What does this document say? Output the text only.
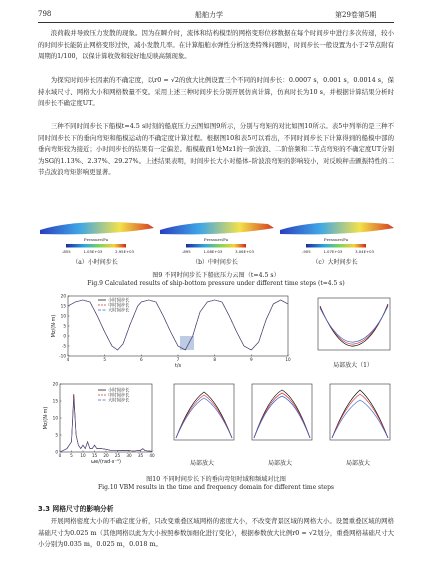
798	船舶力学	第29卷第5期
浪荷载并导致压力发散的现象。因为在瞬介时，流体和结构模型的网格变形位移数据在每个时间步中进行多次传递，较小的时间步长能防止网格变形过快，减小发散几率。在计算船舶水弹性分析这类特殊问题时，时间步长一般设置为小于2节点附有周期的1/100，以保计算收敛和较好地反映高频现象。
为探究时间步长因素的不确定度，以r0 = √2的放大比例设置三个不同的时间步长：0.0007 s，0.001 s，0.0014 s，保持水域尺寸、网格大小和网格数量不变。采用上述三种时间步长分别开展仿真计算，仿真时长为10 s，并根据计算结果分析时间步长不确定度UT。
三种不同时间步长下船模t=4.5 s时刻的船底压力云图如图9所示，分别与弯矩的对比如图10所示。表5中列举的是三种不同时间步长下的垂向弯矩和船模运动的不确定度计算过程。根据图10和表5可以看出，不同时间步长下计算得到的船模中部的垂向弯矩较为接近；小时间步长的结果有一定偏差。船模截面1处Mz1的一阶波浪、二阶倍频和二节点弯矩的不确定度UT分别为SG的1.13%、2.37%、29.27%。上述结果表明，时间步长大小对船体–阶波浪弯矩的影响较小，对反映秤击颤振特性的二节点波浪弯矩影响更显著。
Pressure/Pa	Pressure/Pa	Pressure/Pa
-855	1.05E+03	2.95E+03	-895	1.08E+03	3.06E+03	-905	1.07E+03	3.04E+03
（a）小时间步长	（b）中时间步长	（c）大时间步长
图9 不同时间步长下船底压力云图（t=4.5 s）
Fig.9 Calculated results of ship-bottom pressure under different time steps (t=4.5 s)
4	5	6	7	8	9	10
-10
-5
0
5
10
15
20
t/s
Mz/(N·m)
小时间步长
中时间步长
大时间步长
局部放大（1）
0 5 10 15 20 25 30 35 40
0
5
10
15
20
ωe/(rad·s⁻¹)
Mz/(N·m)
小时间步长
中时间步长
大时间步长
局部放大	局部放大	局部放大
图10 不同时间步长下的垂向弯矩时域和频域对比图
Fig.10 VBM results in the time and frequency domain for different time steps
3.3 网格尺寸的影响分析
开展网格密度大小的不确定度分析，只改变重叠区域网格的密度大小，不改变背景区域的网格大小。设置重叠区域的网格基础尺寸为0.025 m（其他网格以此为大小按照参数加细化进行变化），根据参数放大比例r0 = √2划分，重叠网格基础尺寸大小分别为0.035 m，0.025 m，0.018 m。
